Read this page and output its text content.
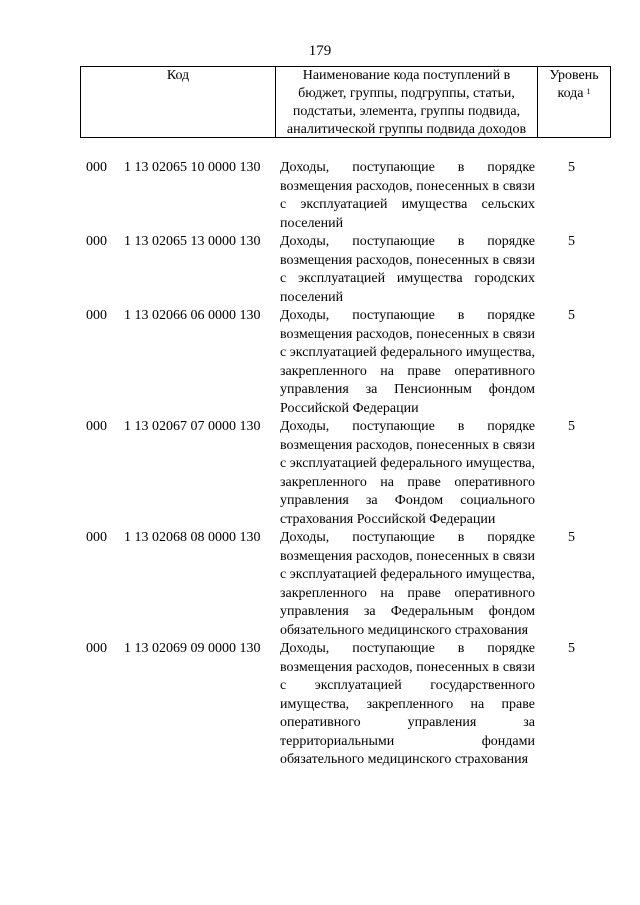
179
Код	Наименование кода поступлений в бюджет, группы, подгруппы, статьи, подстатьи, элемента, группы подвида, аналитической группы подвида доходов
Уровень кода $^1$
000 1 13 02065 10 0000 130 Доходы, поступающие в порядке возмещения расходов, понесенных в связи с эксплуатацией имущества сельских поселений
5
000 1 13 02065 13 0000 130 Доходы, поступающие в порядке возмещения расходов, понесенных в связи с эксплуатацией имущества городских поселений
5
000 1 13 02066 06 0000 130 Доходы, поступающие в порядке возмещения расходов, понесенных в связи с эксплуатацией федерального имущества, закрепленного на праве оперативного управления за Пенсионным фондом Российской Федерации
5
000 1 13 02067 07 0000 130 Доходы, поступающие в порядке возмещения расходов, понесенных в связи с эксплуатацией федерального имущества, закрепленного на праве оперативного управления за Фондом социального страхования Российской Федерации
5
000 1 13 02068 08 0000 130 Доходы, поступающие в порядке возмещения расходов, понесенных в связи с эксплуатацией федерального имущества, закрепленного на праве оперативного управления за Федеральным фондом обязательного медицинского страхования
5
000 1 13 02069 09 0000 130 Доходы, поступающие в порядке возмещения расходов, понесенных в связи с эксплуатацией государственного имущества, закрепленного на праве оперативного управления за территориальными фондами обязательного медицинского страхования
5
